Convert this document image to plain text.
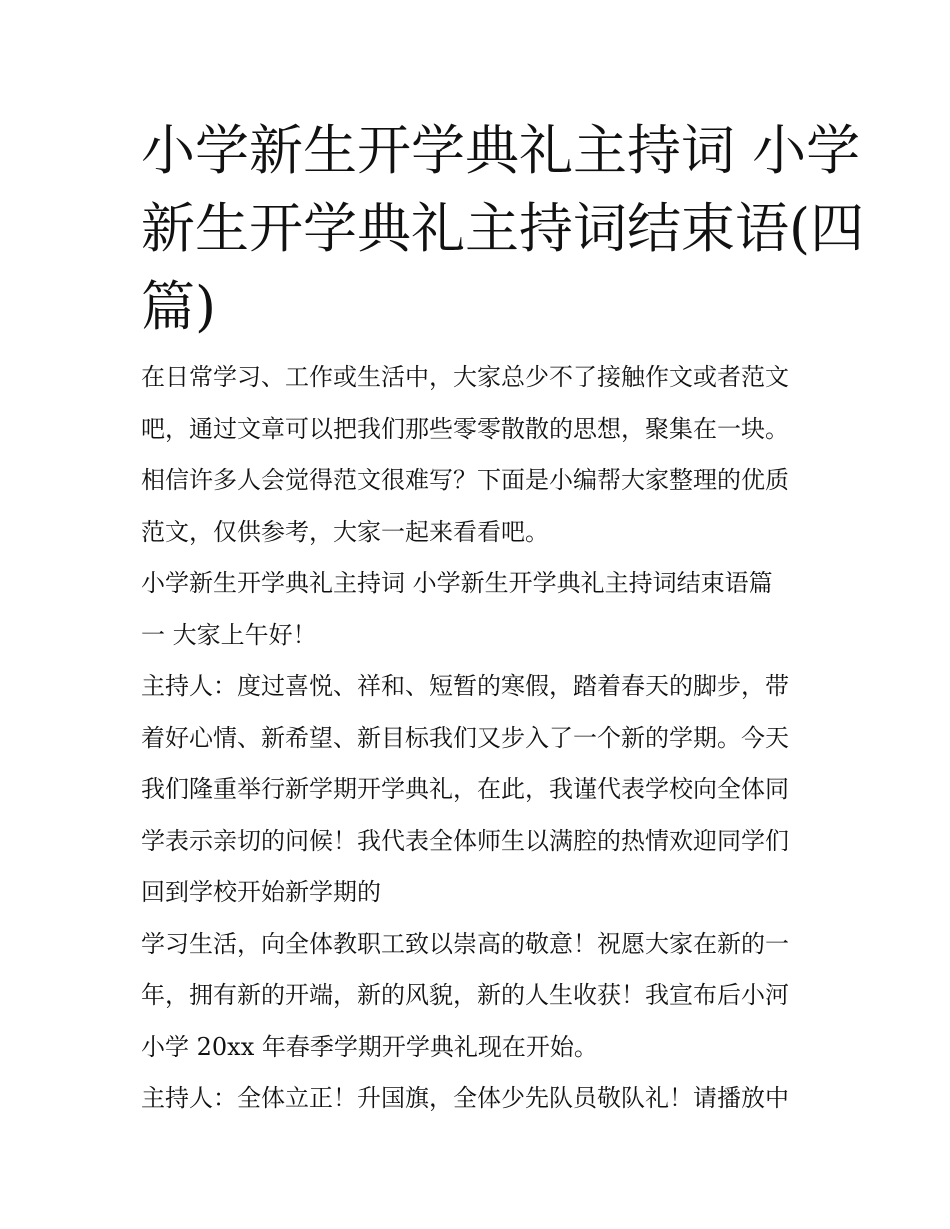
小学新生开学典礼主持词 小学
新生开学典礼主持词结束语(四
篇)
在日常学习、工作或生活中，大家总少不了接触作文或者范文
吧，通过文章可以把我们那些零零散散的思想，聚集在一块。
相信许多人会觉得范文很难写？下面是小编帮大家整理的优质
范文，仅供参考，大家一起来看看吧。
小学新生开学典礼主持词 小学新生开学典礼主持词结束语篇
一 大家上午好！
主持人：度过喜悦、祥和、短暂的寒假，踏着春天的脚步，带
着好心情、新希望、新目标我们又步入了一个新的学期。今天
我们隆重举行新学期开学典礼，在此，我谨代表学校向全体同
学表示亲切的问候！我代表全体师生以满腔的热情欢迎同学们
回到学校开始新学期的
学习生活，向全体教职工致以崇高的敬意！祝愿大家在新的一
年，拥有新的开端，新的风貌，新的人生收获！我宣布后小河
小学 20xx 年春季学期开学典礼现在开始。
主持人：全体立正！升国旗，全体少先队员敬队礼！请播放中
